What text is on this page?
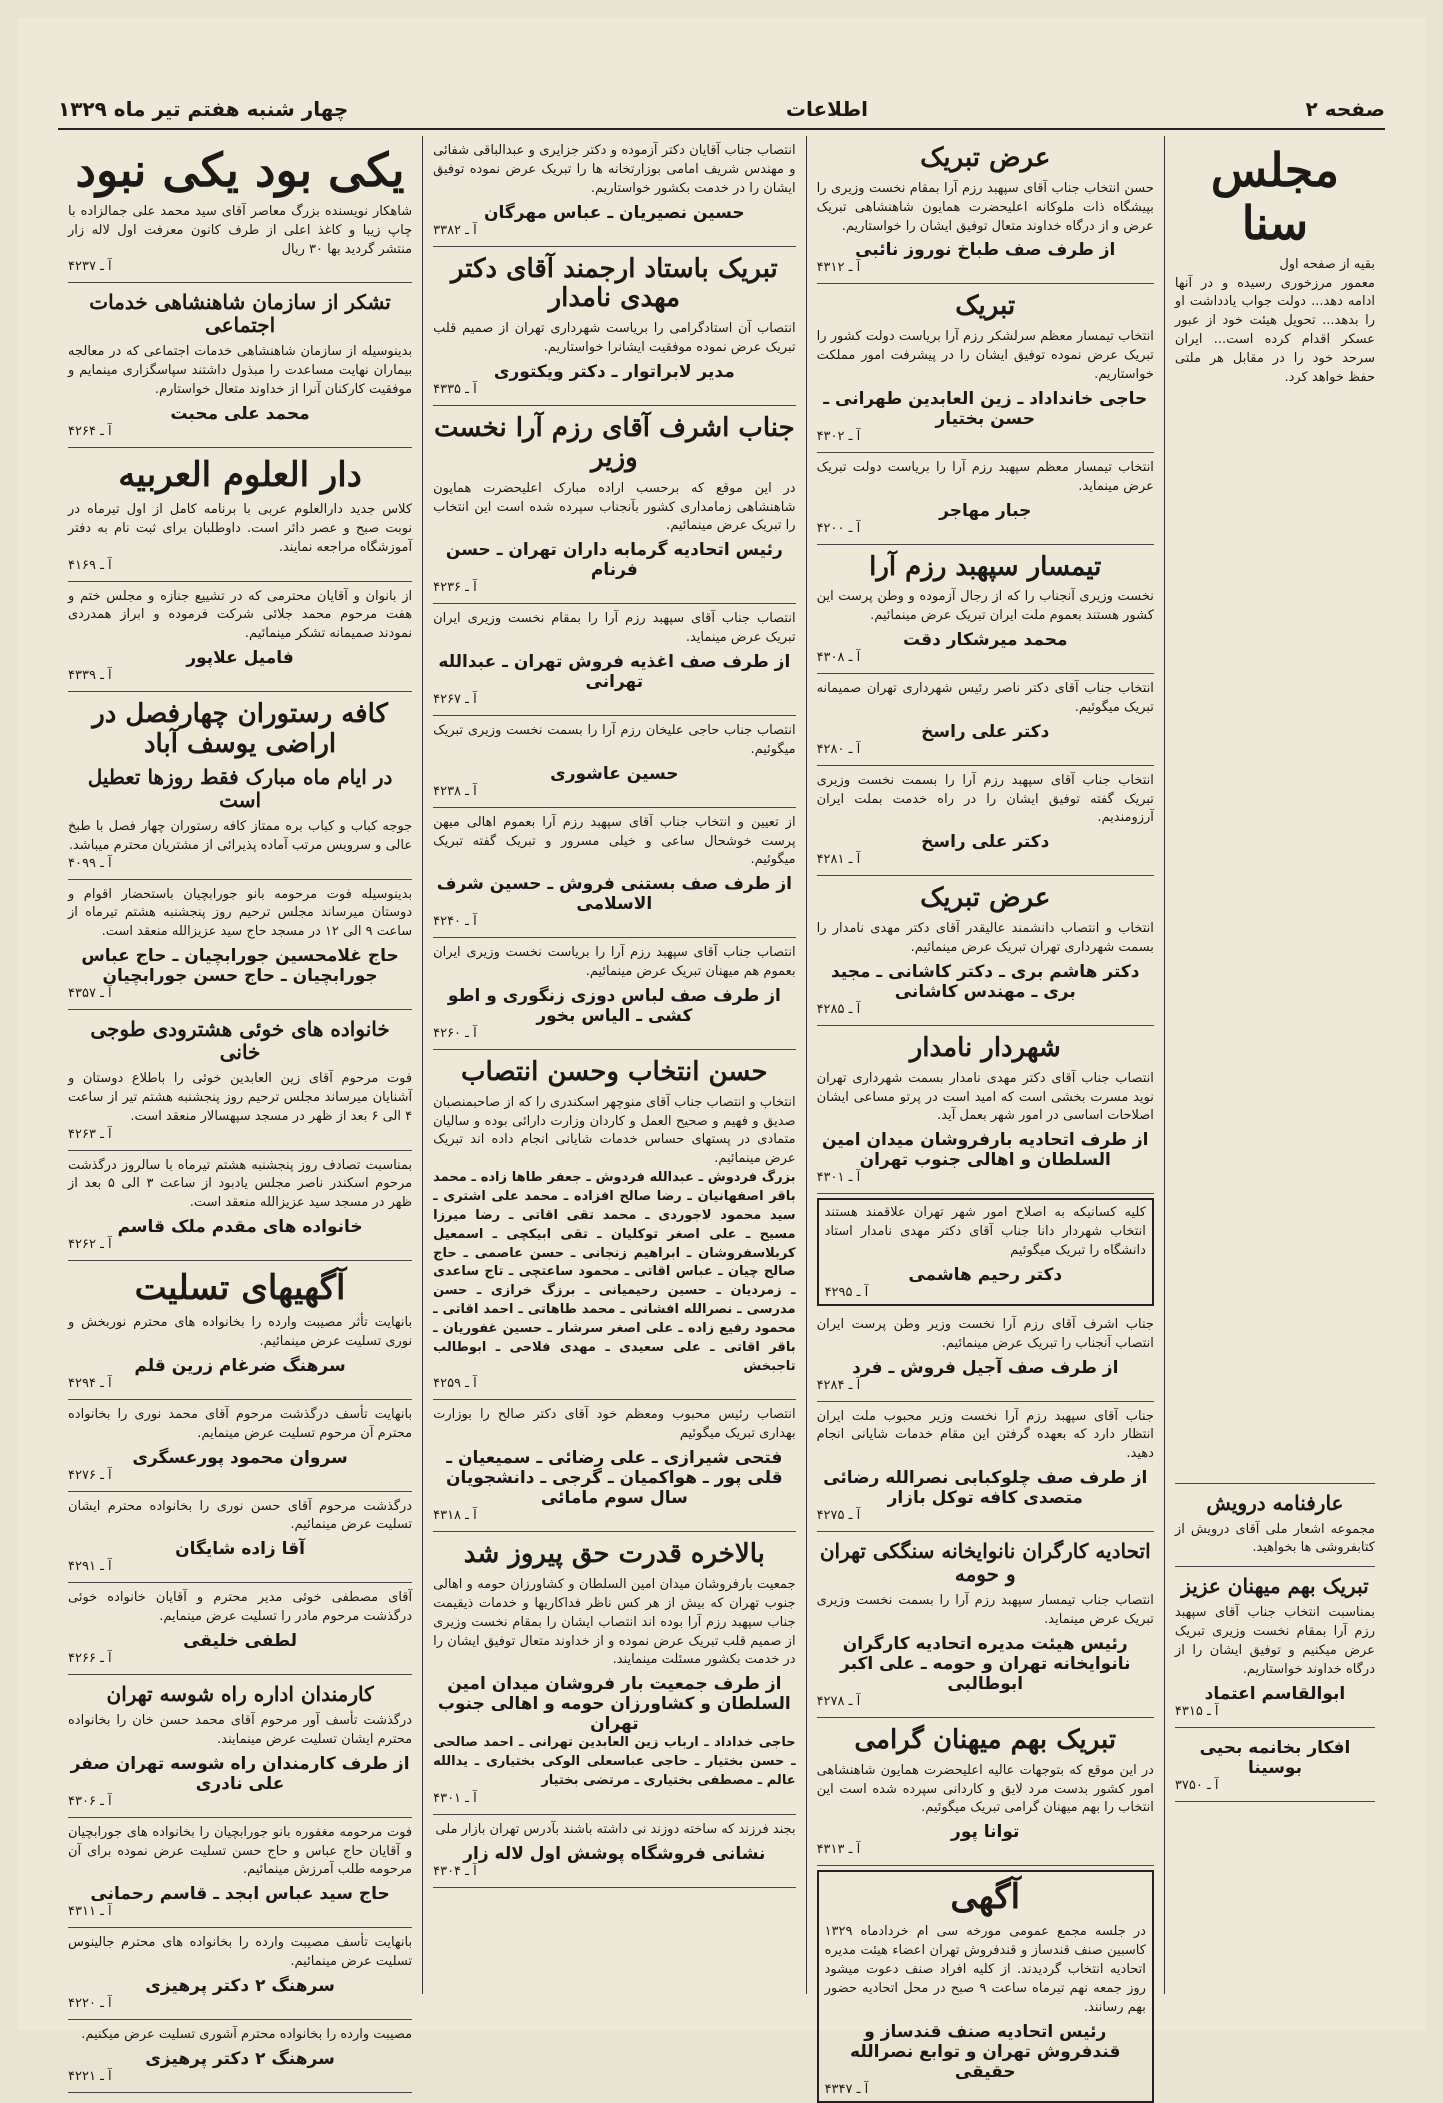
صفحه ۲
اطلاعات
چهار شنبه هفتم تیر ماه ۱۳۲۹
مجلس سنا
بقیه از صفحه اول
معمور مرزخوری رسیده و در آنها ادامه دهد... دولت جواب یادداشت او را بدهد... تحویل هیئت خود از عبور عسکر اقدام کرده است... ایران سرحد خود را در مقابل هر ملتی حفظ خواهد کرد.
عارفنامه درویش
مجموعه اشعار ملی آقای درویش از کتابفروشی ها بخواهید.
تبریک بهم میهنان عزیز
بمناسبت انتخاب جناب آقای سپهبد رزم آرا بمقام نخست وزیری تبریک عرض میکنیم و توفیق ایشان را از درگاه خداوند خواستاریم.
ابوالقاسم اعتماد
آ ـ ۴۳۱۵
افکار بخانمه بحیی بوسینا
آ ـ ۳۷۵۰
عرض تبریک
حسن انتخاب جناب آقای سپهبد رزم آرا بمقام نخست وزیری را بپیشگاه ذات ملوکانه اعلیحضرت همایون شاهنشاهی تبریک عرض و از درگاه خداوند متعال توفیق ایشان را خواستاریم.
از طرف صف طباخ نوروز نائبی
آ ـ ۴۳۱۲
تبریک
انتخاب تیمسار معظم سرلشکر رزم آرا بریاست دولت کشور را تبریک عرض نموده توفیق ایشان را در پیشرفت امور مملکت خواستاریم.
حاجی خانداداد ـ زین العابدین طهرانی ـ حسن بختیار
آ ـ ۴۳۰۲
انتخاب تیمسار معظم سپهبد رزم آرا را بریاست دولت تبریک عرض مینماید.
جبار مهاجر
آ ـ ۴۲۰۰
تیمسار سپهبد رزم آرا
نخست وزیری آنجناب را که از رجال آزموده و وطن پرست این کشور هستند بعموم ملت ایران تبریک عرض مینمائیم.
محمد میرشکار دقت
آ ـ ۴۳۰۸
انتخاب جناب آقای دکتر ناصر رئیس شهرداری تهران صمیمانه تبریک میگوئیم.
دکتر علی راسخ
آ ـ ۴۲۸۰
انتخاب جناب آقای سپهبد رزم آرا را بسمت نخست وزیری تبریک گفته توفیق ایشان را در راه خدمت بملت ایران آرزومندیم.
دکتر علی راسخ
آ ـ ۴۲۸۱
عرض تبریک
انتخاب و انتصاب دانشمند عالیقدر آقای دکتر مهدی نامدار را بسمت شهرداری تهران تبریک عرض مینمائیم.
دکتر هاشم بری ـ دکتر کاشانی ـ مجید بری ـ مهندس کاشانی
آ ـ ۴۲۸۵
شهردار نامدار
انتصاب جناب آقای دکتر مهدی نامدار بسمت شهرداری تهران نوید مسرت بخشی است که امید است در پرتو مساعی ایشان اصلاحات اساسی در امور شهر بعمل آید.
از طرف اتحادیه بارفروشان میدان امین السلطان و اهالی جنوب تهران
آ ـ ۴۳۰۱
کلیه کسانیکه به اصلاح امور شهر تهران علاقمند هستند انتخاب شهردار دانا جناب آقای دکتر مهدی نامدار استاد دانشگاه را تبریک میگوئیم
دکتر رحیم هاشمی
آ ـ ۴۲۹۵
جناب اشرف آقای رزم آرا نخست وزیر وطن پرست ایران انتصاب آنجناب را تبریک عرض مینمائیم.
از طرف صف آجیل فروش ـ فرد
آ ـ ۴۲۸۴
جناب آقای سپهبد رزم آرا نخست وزیر محبوب ملت ایران انتظار دارد که بعهده گرفتن این مقام خدمات شایانی انجام دهید.
از طرف صف چلوکبابی نصرالله رضائی متصدی کافه توکل بازار
آ ـ ۴۲۷۵
اتحادیه کارگران نانوایخانه سنگکی تهران و حومه
انتصاب جناب تیمسار سپهبد رزم آرا را بسمت نخست وزیری تبریک عرض مینماید.
رئیس هیئت مدیره اتحادیه کارگران نانوایخانه تهران و حومه ـ علی اکبر ابوطالبی
آ ـ ۴۲۷۸
تبریک بهم میهنان گرامی
در این موقع که بتوجهات عالیه اعلیحضرت همایون شاهنشاهی امور کشور بدست مرد لایق و کاردانی سپرده شده است این انتخاب را بهم میهنان گرامی تبریک میگوئیم.
توانا پور
آ ـ ۴۳۱۳
آگهی
در جلسه مجمع عمومی مورخه سی ام خردادماه ۱۳۲۹ کاسبین صنف قندساز و قندفروش تهران اعضاء هیئت مدیره اتحادیه انتخاب گردیدند. از کلیه افراد صنف دعوت میشود روز جمعه نهم تیرماه ساعت ۹ صبح در محل اتحادیه حضور بهم رسانند.
رئیس اتحادیه صنف قندساز و قندفروش تهران و توابع نصرالله حقیقی
آ ـ ۴۳۴۷
انتصاب جناب آقایان دکتر آزموده و دکتر جزایری و عبدالباقی شفائی و مهندس شریف امامی بوزارتخانه ها را تبریک عرض نموده توفیق ایشان را در خدمت بکشور خواستاریم.
حسین نصیریان ـ عباس مهرگان
آ ـ ۳۳۸۲
تبریک باستاد ارجمند آقای دکتر مهدی نامدار
انتصاب آن استادگرامی را بریاست شهرداری تهران از صمیم قلب تبریک عرض نموده موفقیت ایشانرا خواستاریم.
مدیر لابراتوار ـ دکتر ویکتوری
آ ـ ۴۳۳۵
جناب اشرف آقای رزم آرا نخست وزیر
در این موقع که برحسب اراده مبارک اعلیحضرت همایون شاهنشاهی زمامداری کشور بآنجناب سپرده شده است این انتخاب را تبریک عرض مینمائیم.
رئیس اتحادیه گرمابه داران تهران ـ حسن فرنام
آ ـ ۴۲۳۶
انتصاب جناب آقای سپهبد رزم آرا را بمقام نخست وزیری ایران تبریک عرض مینماید.
از طرف صف اغذیه فروش تهران ـ عبدالله تهرانی
آ ـ ۴۲۶۷
انتصاب جناب حاجی علیخان رزم آرا را بسمت نخست وزیری تبریک میگوئیم.
حسین عاشوری
آ ـ ۴۲۳۸
از تعیین و انتخاب جناب آقای سپهبد رزم آرا بعموم اهالی میهن پرست خوشحال ساعی و خیلی مسرور و تبریک گفته تبریک میگوئیم.
از طرف صف بستنی فروش ـ حسین شرف الاسلامی
آ ـ ۴۲۴۰
انتصاب جناب آقای سپهبد رزم آرا را بریاست نخست وزیری ایران بعموم هم میهنان تبریک عرض مینمائیم.
از طرف صف لباس دوزی زنگوری و اطو کشی ـ الیاس بخور
آ ـ ۴۲۶۰
حسن انتخاب وحسن انتصاب
انتخاب و انتصاب جناب آقای منوچهر اسکندری را که از صاحبمنصبان صدیق و فهیم و صحیح العمل و کاردان وزارت دارائی بوده و سالیان متمادی در پستهای حساس خدمات شایانی انجام داده اند تبریک عرض مینمائیم.
بزرگ فردوش ـ عبدالله فردوش ـ جعفر طاها زاده ـ محمد باقر اصفهانیان ـ رضا صالح افزاده ـ محمد علی اشتری ـ سید محمود لاجوردی ـ محمد تقی اقاتی ـ رضا میرزا مسیح ـ علی اصغر توکلیان ـ تقی ابیکچی ـ اسمعیل کربلاسفروشان ـ ابراهیم زنجانی ـ حسن عاصمی ـ حاج صالح چیان ـ عباس اقاتی ـ محمود ساعتچی ـ تاج ساعدی ـ زمردیان ـ حسین رحیمیانی ـ برزگ خرازی ـ حسن مدرسی ـ نصرالله افشانی ـ محمد طاهاتی ـ احمد اقاتی ـ محمود رفیع زاده ـ علی اصغر سرشار ـ حسین غفوریان ـ باقر اقاتی ـ علی سعیدی ـ مهدی فلاحی ـ ابوطالب تاجبخش
آ ـ ۴۲۵۹
انتصاب رئیس محبوب ومعظم خود آقای دکتر صالح را بوزارت بهداری تبریک میگوئیم
فتحی شیرازی ـ علی رضائی ـ سمیعیان ـ قلی پور ـ هواکمیان ـ گرجی ـ دانشجویان سال سوم مامائی
آ ـ ۴۳۱۸
بالاخره قدرت حق پیروز شد
جمعیت بارفروشان میدان امین السلطان و کشاورزان حومه و اهالی جنوب تهران که بیش از هر کس ناظر فداکاریها و خدمات ذیقیمت جناب سپهبد رزم آرا بوده اند انتصاب ایشان را بمقام نخست وزیری از صمیم قلب تبریک عرض نموده و از خداوند متعال توفیق ایشان را در خدمت بکشور مسئلت مینمایند.
از طرف جمعیت بار فروشان میدان امین السلطان و کشاورزان حومه و اهالی جنوب تهران
حاجی خداداد ـ ارباب زین العابدین تهرانی ـ احمد صالحی ـ حسن بختیار ـ حاجی عباسعلی الوکی بختیاری ـ یدالله عالم ـ مصطفی بختیاری ـ مرتضی بختیار
آ ـ ۴۳۰۱
بجند فرزند که ساخته دوزند نی داشته باشند بآدرس تهران بازار ملی
نشانی فروشگاه پوشش اول لاله زار
آ ـ ۴۳۰۴
یکی بود یکی نبود
شاهکار نویسنده بزرگ معاصر آقای سید محمد علی جمالزاده با چاپ زیبا و کاغذ اعلی از طرف کانون معرفت اول لاله زار منتشر گردید بها ۳۰ ریال
آ ـ ۴۲۳۷
تشکر از سازمان شاهنشاهی خدمات اجتماعی
بدینوسیله از سازمان شاهنشاهی خدمات اجتماعی که در معالجه بیماران نهایت مساعدت را مبذول داشتند سپاسگزاری مینمایم و موفقیت کارکنان آنرا از خداوند متعال خواستارم.
محمد علی محبت
آ ـ ۴۲۶۴
دار العلوم العربیه
کلاس جدید دارالعلوم عربی با برنامه کامل از اول تیرماه در نوبت صبح و عصر دائر است. داوطلبان برای ثبت نام به دفتر آموزشگاه مراجعه نمایند.
آ ـ ۴۱۶۹
از بانوان و آقایان محترمی که در تشییع جنازه و مجلس ختم و هفت مرحوم محمد جلائی شرکت فرموده و ابراز همدردی نمودند صمیمانه تشکر مینمائیم.
فامیل علاپور
آ ـ ۴۳۳۹
کافه رستوران چهارفصل در اراضی یوسف آباد
در ایام ماه مبارک فقط روزها تعطیل است
جوجه کباب و کباب بره ممتاز کافه رستوران چهار فصل با طبخ عالی و سرویس مرتب آماده پذیرائی از مشتریان محترم میباشد.
آ ـ ۴۰۹۹
بدینوسیله فوت مرحومه بانو جورابچیان باستحضار اقوام و دوستان میرساند مجلس ترحیم روز پنجشنبه هشتم تیرماه از ساعت ۹ الی ۱۲ در مسجد حاج سید عزیزالله منعقد است.
حاج غلامحسین جورابچیان ـ حاج عباس جورابچیان ـ حاج حسن جورابچیان
آ ـ ۴۳۵۷
خانواده های خوئی هشترودی طوجی خانی
فوت مرحوم آقای زین العابدین خوئی را باطلاع دوستان و آشنایان میرساند مجلس ترحیم روز پنجشنبه هشتم تیر از ساعت ۴ الی ۶ بعد از ظهر در مسجد سپهسالار منعقد است.
آ ـ ۴۲۶۳
بمناسبت تصادف روز پنجشنبه هشتم تیرماه با سالروز درگذشت مرحوم اسکندر ناصر مجلس یادبود از ساعت ۳ الی ۵ بعد از ظهر در مسجد سید عزیزالله منعقد است.
خانواده های مقدم ملک قاسم
آ ـ ۴۲۶۲
آگهیهای تسلیت
بانهایت تأثر مصیبت وارده را بخانواده های محترم نوربخش و نوری تسلیت عرض مینمائیم.
سرهنگ ضرغام زرین قلم
آ ـ ۴۲۹۴
بانهایت تأسف درگذشت مرحوم آقای محمد نوری را بخانواده محترم آن مرحوم تسلیت عرض مینمایم.
سروان محمود پورعسگری
آ ـ ۴۲۷۶
درگذشت مرحوم آقای حسن نوری را بخانواده محترم ایشان تسلیت عرض مینمائیم.
آقا زاده شایگان
آ ـ ۴۲۹۱
آقای مصطفی خوئی مدیر محترم و آقایان خانواده خوئی درگذشت مرحوم مادر را تسلیت عرض مینمایم.
لطفی خلیقی
آ ـ ۴۲۶۶
کارمندان اداره راه شوسه تهران
درگذشت تأسف آور مرحوم آقای محمد حسن خان را بخانواده محترم ایشان تسلیت عرض مینمایند.
از طرف کارمندان راه شوسه تهران صفر علی نادری
آ ـ ۴۳۰۶
فوت مرحومه مغفوره بانو جورابچیان را بخانواده های جورابچیان و آقایان حاج عباس و حاج حسن تسلیت عرض نموده برای آن مرحومه طلب آمرزش مینمائیم.
حاج سید عباس ابجد ـ قاسم رحمانی
آ ـ ۴۳۱۱
بانهایت تأسف مصیبت وارده را بخانواده های محترم جالینوس تسلیت عرض مینمائیم.
سرهنگ ۲ دکتر پرهیزی
آ ـ ۴۲۲۰
مصیبت وارده را بخانواده محترم آشوری تسلیت عرض میکنیم.
سرهنگ ۲ دکتر پرهیزی
آ ـ ۴۲۲۱
